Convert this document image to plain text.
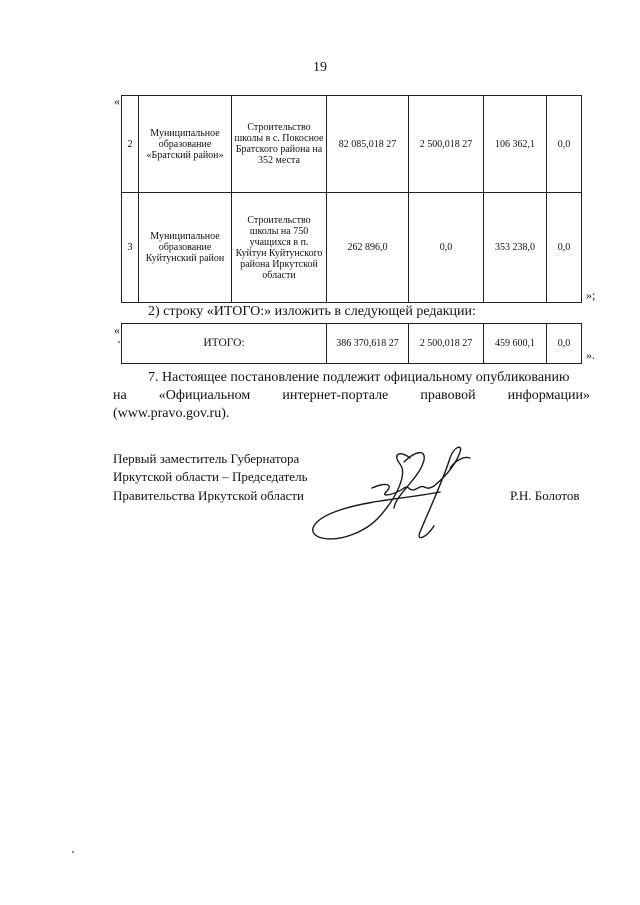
19
«
2	Муниципальное образование «Братский район»	Строительство школы в с. Покосное Братского района на 352 места	82 085,018 27	2 500,018 27	106 362,1	0,0
3	Муниципальное образование Куйтунский район	Строительство школы на 750 учащихся в п. Куйтун Куйтунского района Иркутской области	262 896,0	0,0	353 238,0	0,0
»;
2) строку «ИТОГО:» изложить в следующей редакции:
«
ИТОГО:	386 370,618 27	2 500,018 27	459 600,1	0,0
».
7. Настоящее постановление подлежит официальному опубликованию
на «Официальном интернет-портале правовой информации»
(www.pravo.gov.ru).
Первый заместитель Губернатора
Иркутской области – Председатель
Правительства Иркутской области	Р.Н. Болотов
